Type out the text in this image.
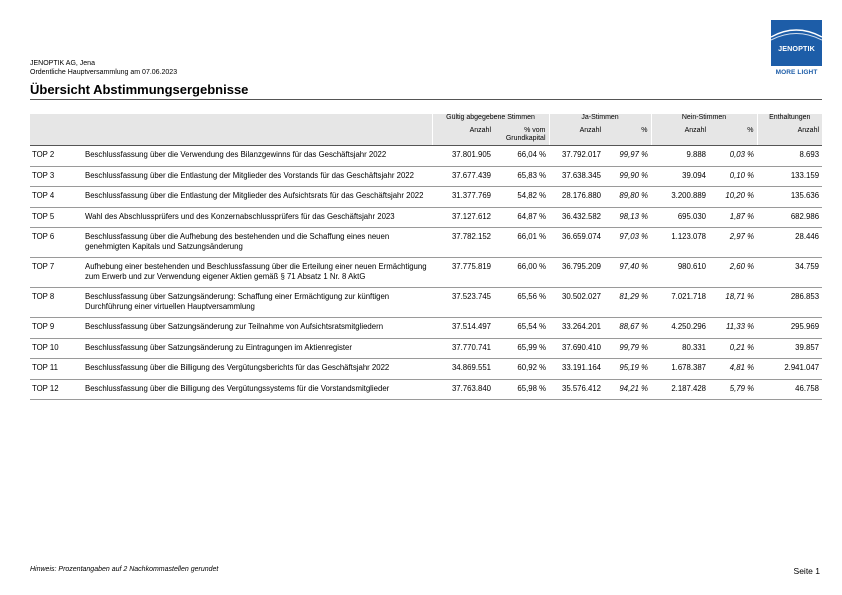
JENOPTIK
MORE LIGHT
JENOPTIK AG, Jena
Ordentliche Hauptversammlung am 07.06.2023
Übersicht Abstimmungsergebnisse
		Gültig abgegebene Stimmen		Ja-Stimmen		Nein-Stimmen		Enthaltungen
		Anzahl	% vom Grundkapital	Anzahl	%	Anzahl	%	Anzahl
TOP 2	Beschlussfassung über die Verwendung des Bilanzgewinns für das Geschäftsjahr 2022	37.801.905	66,04 %	37.792.017	99,97 %	9.888	0,03 %	8.693
TOP 3	Beschlussfassung über die Entlastung der Mitglieder des Vorstands für das Geschäftsjahr 2022	37.677.439	65,83 %	37.638.345	99,90 %	39.094	0,10 %	133.159
TOP 4	Beschlussfassung über die Entlastung der Mitglieder des Aufsichtsrats für das Geschäftsjahr 2022	31.377.769	54,82 %	28.176.880	89,80 %	3.200.889	10,20 %	135.636
TOP 5	Wahl des Abschlussprüfers und des Konzernabschlussprüfers für das Geschäftsjahr 2023	37.127.612	64,87 %	36.432.582	98,13 %	695.030	1,87 %	682.986
TOP 6	Beschlussfassung über die Aufhebung des bestehenden und die Schaffung eines neuen genehmigten Kapitals und Satzungsänderung	37.782.152	66,01 %	36.659.074	97,03 %	1.123.078	2,97 %	28.446
TOP 7	Aufhebung einer bestehenden und Beschlussfassung über die Erteilung einer neuen Ermächtigung zum Erwerb und zur Verwendung eigener Aktien gemäß § 71 Absatz 1 Nr. 8 AktG	37.775.819	66,00 %	36.795.209	97,40 %	980.610	2,60 %	34.759
TOP 8	Beschlussfassung über Satzungsänderung: Schaffung einer Ermächtigung zur künftigen Durchführung einer virtuellen Hauptversammlung	37.523.745	65,56 %	30.502.027	81,29 %	7.021.718	18,71 %	286.853
TOP 9	Beschlussfassung über Satzungsänderung zur Teilnahme von Aufsichtsratsmitgliedern	37.514.497	65,54 %	33.264.201	88,67 %	4.250.296	11,33 %	295.969
TOP 10	Beschlussfassung über Satzungsänderung zu Eintragungen im Aktienregister	37.770.741	65,99 %	37.690.410	99,79 %	80.331	0,21 %	39.857
TOP 11	Beschlussfassung über die Billigung des Vergütungsberichts für das Geschäftsjahr 2022	34.869.551	60,92 %	33.191.164	95,19 %	1.678.387	4,81 %	2.941.047
TOP 12	Beschlussfassung über die Billigung des Vergütungssystems für die Vorstandsmitglieder	37.763.840	65,98 %	35.576.412	94,21 %	2.187.428	5,79 %	46.758
Hinweis: Prozentangaben auf 2 Nachkommastellen gerundet	Seite 1
